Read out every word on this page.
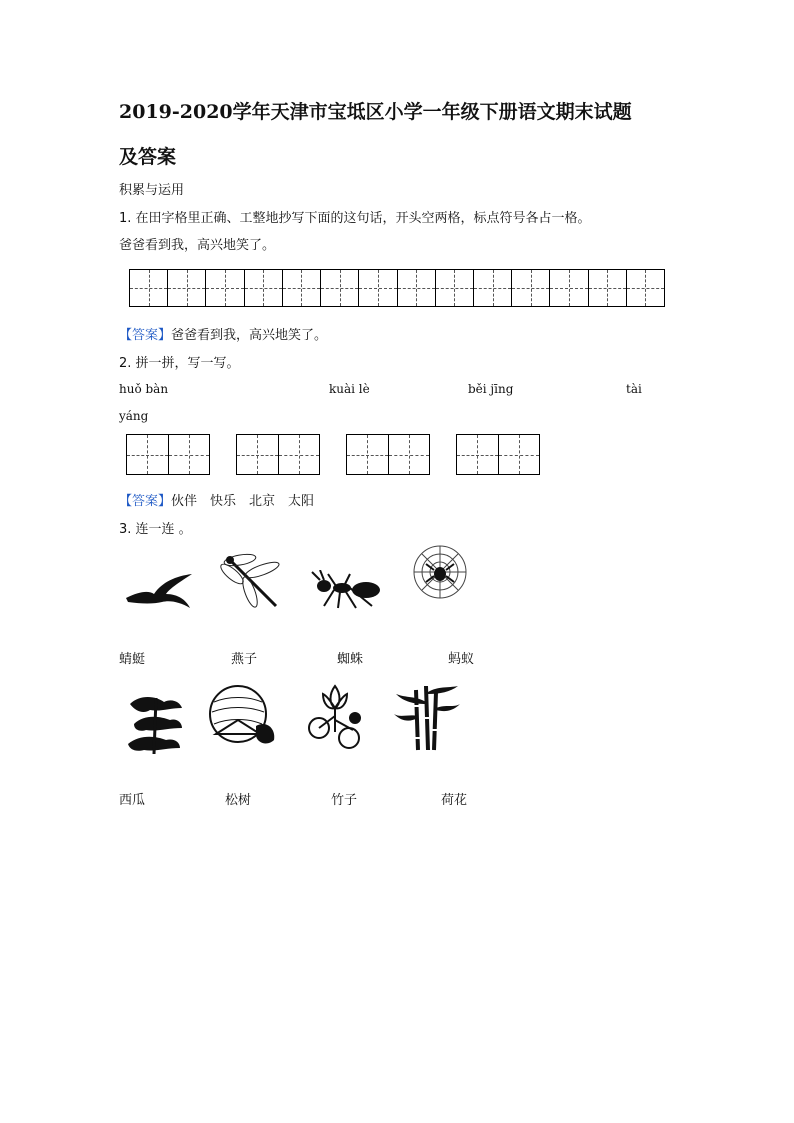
2019-2020学年天津市宝坻区小学一年级下册语文期末试题
及答案
积累与运用
1. 在田字格里正确、工整地抄写下面的这句话，开头空两格，标点符号各占一格。
爸爸看到我，高兴地笑了。
【答案】爸爸看到我，高兴地笑了。
2. 拼一拼，写一写。
huǒ bàn	kuài lè	běi jīng	tài
yáng
【答案】伙伴　快乐　北京　太阳
3. 连一连 。
蜻蜓	燕子	蜘蛛	蚂蚁
西瓜	松树	竹子	荷花
